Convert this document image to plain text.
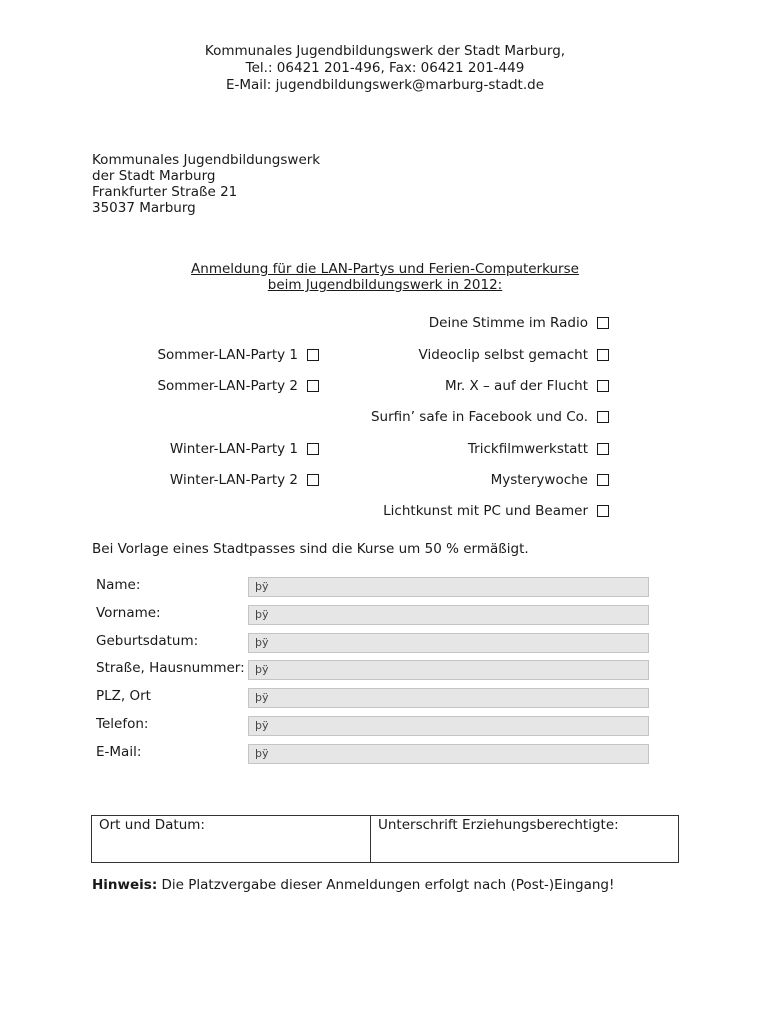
Kommunales Jugendbildungswerk der Stadt Marburg,
Tel.: 06421 201-496, Fax: 06421 201-449
E-Mail: jugendbildungswerk@marburg-stadt.de
Kommunales Jugendbildungswerk
der Stadt Marburg
Frankfurter Straße 21
35037 Marburg
Anmeldung für die LAN-Partys und Ferien-Computerkurse
beim Jugendbildungswerk in 2012:
Sommer-LAN-Party 1
Sommer-LAN-Party 2
Winter-LAN-Party 1
Winter-LAN-Party 2
Deine Stimme im Radio
Videoclip selbst gemacht
Mr. X – auf der Flucht
Surfin’ safe in Facebook und Co.
Trickfilmwerkstatt
Mysterywoche
Lichtkunst mit PC und Beamer
Bei Vorlage eines Stadtpasses sind die Kurse um 50 % ermäßigt.
Name:	þÿ
Vorname:	þÿ
Geburtsdatum:	þÿ
Straße, Hausnummer: þÿ
PLZ, Ort	þÿ
Telefon:	þÿ
E-Mail:	þÿ
Ort und Datum:	Unterschrift Erziehungsberechtigte:
Hinweis: Die Platzvergabe dieser Anmeldungen erfolgt nach (Post-)Eingang!
